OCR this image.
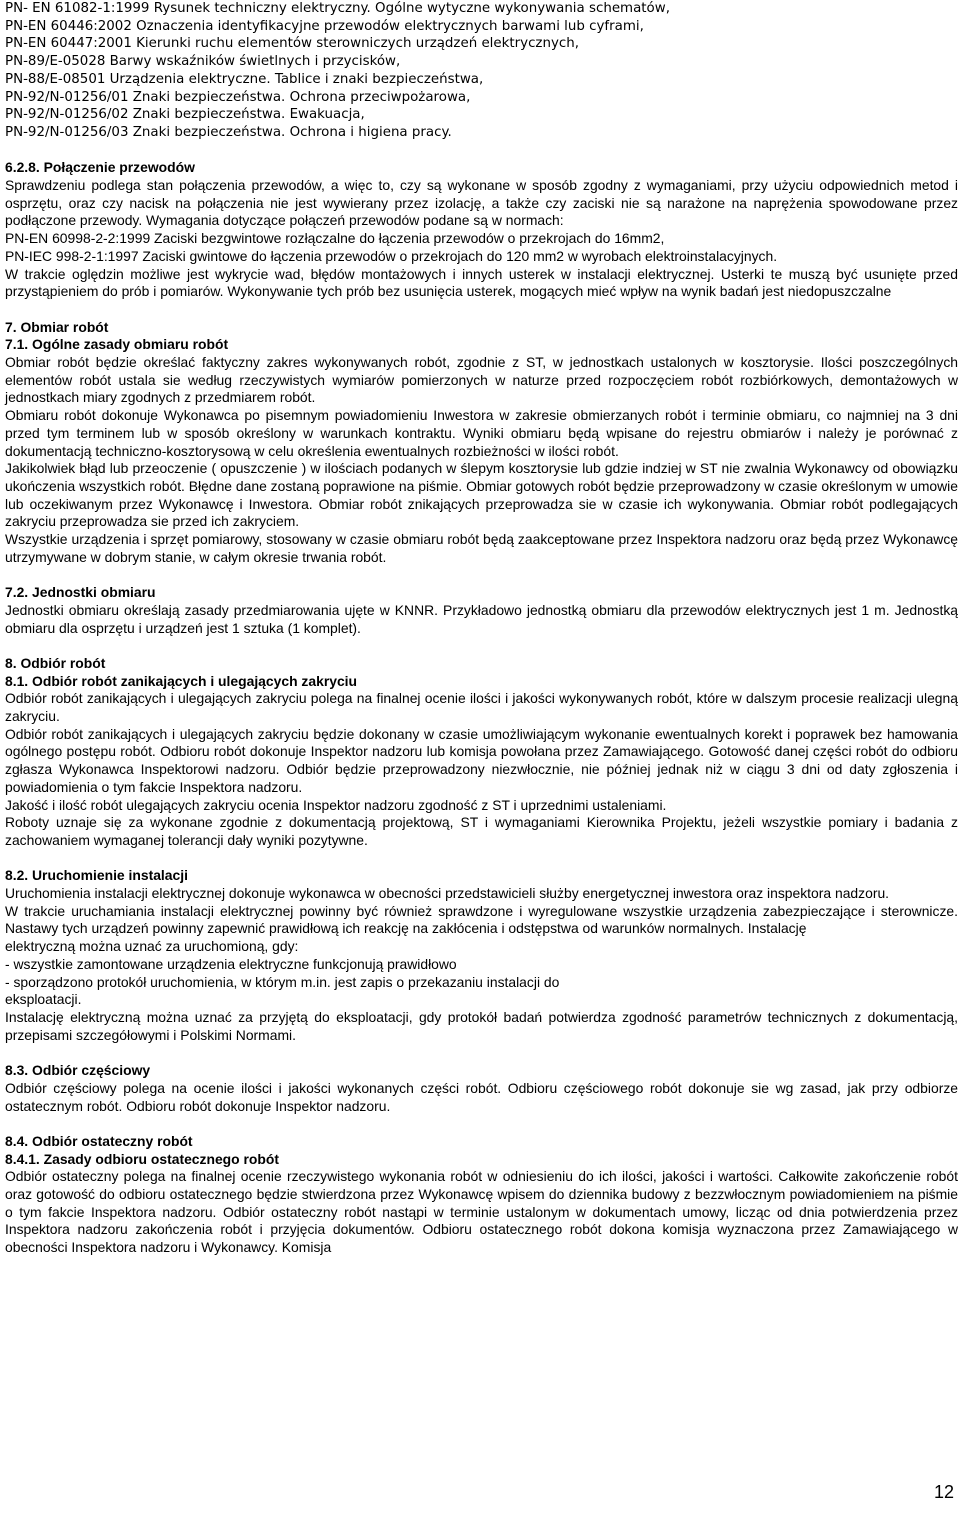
PN- EN 61082-1:1999 Rysunek techniczny elektryczny. Ogólne wytyczne wykonywania schematów,

PN-EN 60446:2002 Oznaczenia identyfikacyjne przewodów elektrycznych barwami lub cyframi,

PN-EN 60447:2001 Kierunki ruchu elementów sterowniczych urządzeń elektrycznych,

PN-89/E-05028 Barwy wskaźników świetlnych i przycisków,

PN-88/E-08501 Urządzenia elektryczne. Tablice i znaki bezpieczeństwa,

PN-92/N-01256/01 Znaki bezpieczeństwa. Ochrona przeciwpożarowa,

PN-92/N-01256/02 Znaki bezpieczeństwa. Ewakuacja,

PN-92/N-01256/03 Znaki bezpieczeństwa. Ochrona i higiena pracy.

6.2.8. Połączenie przewodów

Sprawdzeniu podlega stan połączenia przewodów, a więc to, czy są wykonane w sposób zgodny z wymaganiami, przy użyciu odpowiednich metod i osprzętu, oraz czy nacisk na połączenia nie jest wywierany przez izolację, a także czy zaciski nie są narażone na naprężenia spowodowane przez podłączone przewody. Wymagania dotyczące połączeń przewodów podane są w normach:

PN-EN 60998-2-2:1999 Zaciski bezgwintowe rozłączalne do łączenia przewodów o przekrojach do 16mm2,

PN-IEC 998-2-1:1997 Zaciski gwintowe do łączenia przewodów o przekrojach do 120 mm2 w wyrobach elektroinstalacyjnych.

W trakcie oględzin możliwe jest wykrycie wad, błędów montażowych i innych usterek w instalacji elektrycznej. Usterki te muszą być usunięte przed przystąpieniem do prób i pomiarów. Wykonywanie tych prób bez usunięcia usterek, mogących mieć wpływ na wynik badań jest niedopuszczalne

7. Obmiar robót

7.1. Ogólne zasady obmiaru robót

Obmiar robót będzie określać faktyczny zakres wykonywanych robót, zgodnie z ST, w jednostkach ustalonych w kosztorysie. Ilości poszczególnych elementów robót ustala sie według rzeczywistych wymiarów pomierzonych w naturze przed rozpoczęciem robót rozbiórkowych, demontażowych w jednostkach miary zgodnych z przedmiarem robót.

Obmiaru robót dokonuje Wykonawca po pisemnym powiadomieniu Inwestora w zakresie obmierzanych robót i terminie obmiaru, co najmniej na 3 dni przed tym terminem lub w sposób określony w warunkach kontraktu. Wyniki obmiaru będą wpisane do rejestru obmiarów i należy je porównać z dokumentacją techniczno-kosztorysową w celu określenia ewentualnych rozbieżności w ilości robót.

Jakikolwiek błąd lub przeoczenie ( opuszczenie ) w ilościach podanych w ślepym kosztorysie lub gdzie indziej w ST nie zwalnia Wykonawcy od obowiązku ukończenia wszystkich robót. Błędne dane zostaną poprawione na piśmie. Obmiar gotowych robót będzie przeprowadzony w czasie określonym w umowie lub oczekiwanym przez Wykonawcę i Inwestora. Obmiar robót znikających przeprowadza sie w czasie ich wykonywania. Obmiar robót podlegających zakryciu przeprowadza sie przed ich zakryciem.

Wszystkie urządzenia i sprzęt pomiarowy, stosowany w czasie obmiaru robót będą zaakceptowane przez Inspektora nadzoru oraz będą przez Wykonawcę utrzymywane w dobrym stanie, w całym okresie trwania robót.

7.2. Jednostki obmiaru

Jednostki obmiaru określają zasady przedmiarowania ujęte w KNNR. Przykładowo jednostką obmiaru dla przewodów elektrycznych jest 1 m. Jednostką obmiaru dla osprzętu i urządzeń jest 1 sztuka (1 komplet).

8. Odbiór robót

8.1. Odbiór robót zanikających i ulegających zakryciu

Odbiór robót zanikających i ulegających zakryciu polega na finalnej ocenie ilości i jakości wykonywanych robót, które w dalszym procesie realizacji ulegną zakryciu.

Odbiór robót zanikających i ulegających zakryciu będzie dokonany w czasie umożliwiającym wykonanie ewentualnych korekt i poprawek bez hamowania ogólnego postępu robót. Odbioru robót dokonuje Inspektor nadzoru lub komisja powołana przez Zamawiającego. Gotowość danej części robót do odbioru zgłasza Wykonawca Inspektorowi nadzoru. Odbiór będzie przeprowadzony niezwłocznie, nie później jednak niż w ciągu 3 dni od daty zgłoszenia i powiadomienia o tym fakcie Inspektora nadzoru.

Jakość i ilość robót ulegających zakryciu ocenia Inspektor nadzoru zgodność z ST i uprzednimi ustaleniami.

Roboty uznaje się za wykonane zgodnie z dokumentacją projektową, ST i wymaganiami Kierownika Projektu, jeżeli wszystkie pomiary i badania z zachowaniem wymaganej tolerancji dały wyniki pozytywne.

8.2. Uruchomienie instalacji

Uruchomienia instalacji elektrycznej dokonuje wykonawca w obecności przedstawicieli służby energetycznej inwestora oraz inspektora nadzoru.

W trakcie uruchamiania instalacji elektrycznej powinny być również sprawdzone i wyregulowane wszystkie urządzenia zabezpieczające i sterownicze. Nastawy tych urządzeń powinny zapewnić prawidłową ich reakcję na zakłócenia i odstępstwa od warunków normalnych. Instalację

elektryczną można uznać za uruchomioną, gdy:

- wszystkie zamontowane urządzenia elektryczne funkcjonują prawidłowo

- sporządzono protokół uruchomienia, w którym m.in. jest zapis o przekazaniu instalacji do

eksploatacji.

Instalację elektryczną można uznać za przyjętą do eksploatacji, gdy protokół badań potwierdza zgodność parametrów technicznych z dokumentacją, przepisami szczegółowymi i Polskimi Normami.

8.3. Odbiór częściowy

Odbiór częściowy polega na ocenie ilości i jakości wykonanych części robót. Odbioru częściowego robót dokonuje sie wg zasad, jak przy odbiorze ostatecznym robót. Odbioru robót dokonuje Inspektor nadzoru.

8.4. Odbiór ostateczny robót

8.4.1. Zasady odbioru ostatecznego robót

Odbiór ostateczny polega na finalnej ocenie rzeczywistego wykonania robót w odniesieniu do ich ilości, jakości i wartości. Całkowite zakończenie robót oraz gotowość do odbioru ostatecznego będzie stwierdzona przez Wykonawcę wpisem do dziennika budowy z bezzwłocznym powiadomieniem na piśmie o tym fakcie Inspektora nadzoru. Odbiór ostateczny robót nastąpi w terminie ustalonym w dokumentach umowy, licząc od dnia potwierdzenia przez Inspektora nadzoru zakończenia robót i przyjęcia dokumentów. Odbioru ostatecznego robót dokona komisja wyznaczona przez Zamawiającego w obecności Inspektora nadzoru i Wykonawcy. Komisja

12
